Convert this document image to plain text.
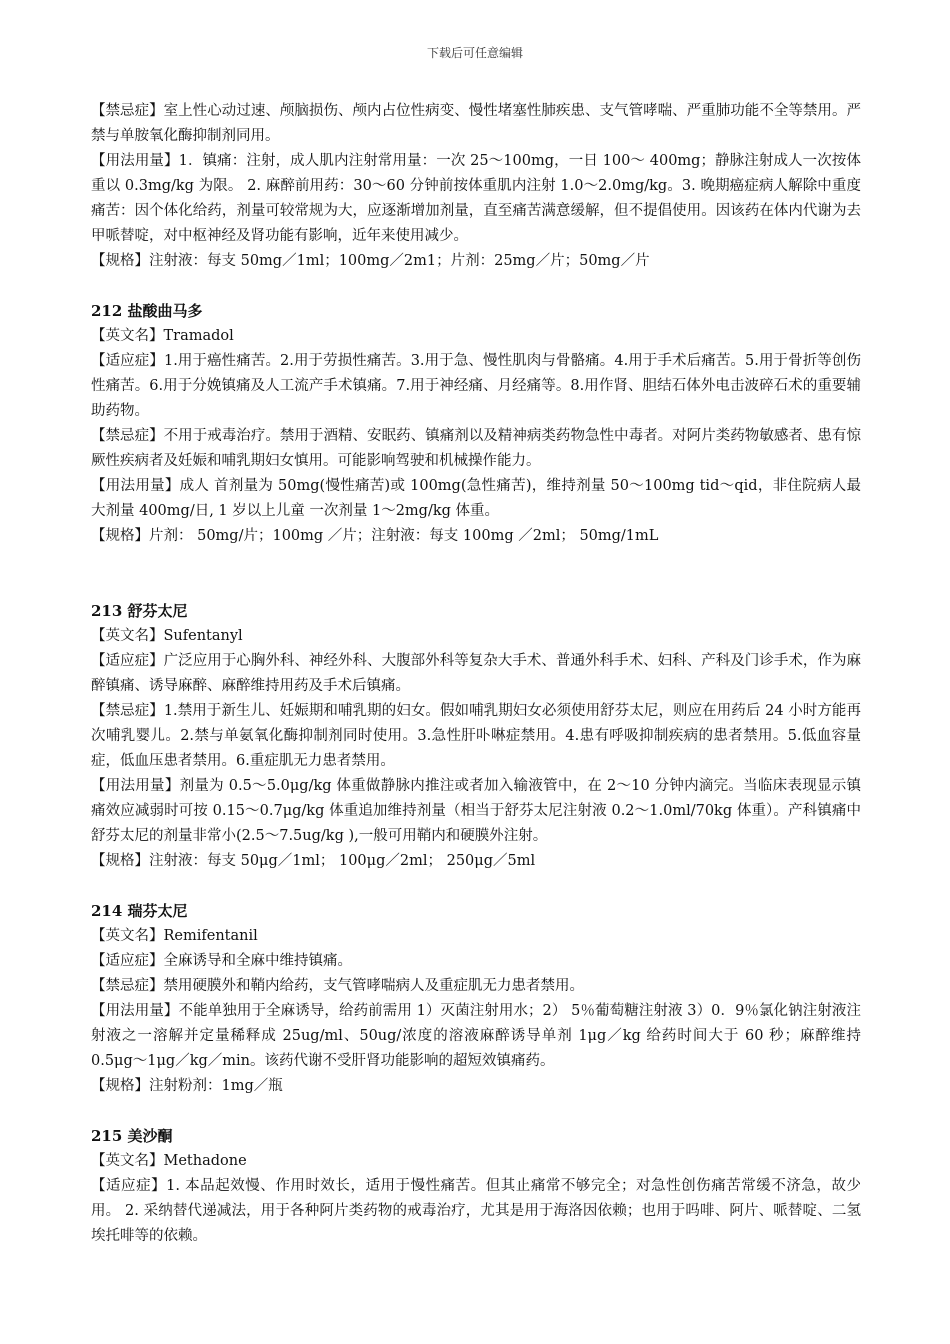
下载后可任意编辑

【禁忌症】室上性心动过速、颅脑损伤、颅内占位性病变、慢性堵塞性肺疾患、支气管哮喘、严重肺功能不全等禁用。严禁与单胺氧化酶抑制剂同用。

【用法用量】1．镇痛：注射，成人肌内注射常用量：一次 25～100mg，一日 100～ 400mg；静脉注射成人一次按体重以 0.3mg/kg 为限。 2. 麻醉前用药：30～60 分钟前按体重肌内注射 1.0～2.0mg/kg。3. 晚期癌症病人解除中重度痛苦：因个体化给药，剂量可较常规为大，应逐渐增加剂量，直至痛苦满意缓解，但不提倡使用。因该药在体内代谢为去甲哌替啶，对中枢神经及肾功能有影响，近年来使用减少。

【规格】注射液：每支 50mg／1ml；100mg／2m1；片剂：25mg／片；50mg／片

212 盐酸曲马多

【英文名】Tramadol

【适应症】1.用于癌性痛苦。2.用于劳损性痛苦。3.用于急、慢性肌肉与骨骼痛。4.用于手术后痛苦。5.用于骨折等创伤性痛苦。6.用于分娩镇痛及人工流产手术镇痛。7.用于神经痛、月经痛等。8.用作肾、胆结石体外电击波碎石术的重要辅助药物。

【禁忌症】不用于戒毒治疗。禁用于酒精、安眠药、镇痛剂以及精神病类药物急性中毒者。对阿片类药物敏感者、患有惊厥性疾病者及妊娠和哺乳期妇女慎用。可能影响驾驶和机械操作能力。

【用法用量】成人 首剂量为 50mg(慢性痛苦)或 100mg(急性痛苦)，维持剂量 50～100mg tid～qid，非住院病人最大剂量 400mg/日, 1 岁以上儿童 一次剂量 1～2mg/kg 体重。

【规格】片剂： 50mg/片；100mg ／片；注射液：每支 100mg ／2ml； 50mg/1mL

213 舒芬太尼

【英文名】Sufentanyl

【适应症】广泛应用于心胸外科、神经外科、大腹部外科等复杂大手术、普通外科手术、妇科、产科及门诊手术，作为麻醉镇痛、诱导麻醉、麻醉维持用药及手术后镇痛。

【禁忌症】1.禁用于新生儿、妊娠期和哺乳期的妇女。假如哺乳期妇女必须使用舒芬太尼，则应在用药后 24 小时方能再次哺乳婴儿。2.禁与单氨氧化酶抑制剂同时使用。3.急性肝卟啉症禁用。4.患有呼吸抑制疾病的患者禁用。5.低血容量症，低血压患者禁用。6.重症肌无力患者禁用。

【用法用量】剂量为 0.5～5.0μg/kg 体重做静脉内推注或者加入输液管中，在 2～10 分钟内滴完。当临床表现显示镇痛效应减弱时可按 0.15～0.7μg/kg 体重追加维持剂量（相当于舒芬太尼注射液 0.2～1.0ml/70kg 体重）。产科镇痛中舒芬太尼的剂量非常小(2.5～7.5ug/kg ),一般可用鞘内和硬膜外注射。

【规格】注射液：每支 50μg／1ml； 100μg／2ml； 250μg／5ml

214 瑞芬太尼

【英文名】Remifentanil

【适应症】全麻诱导和全麻中维持镇痛。

【禁忌症】禁用硬膜外和鞘内给药，支气管哮喘病人及重症肌无力患者禁用。

【用法用量】不能单独用于全麻诱导，给药前需用 1）灭菌注射用水；2） 5％葡萄糖注射液 3）0．9％氯化钠注射液注射液之一溶解并定量稀释成 25ug/ml、50ug/浓度的溶液麻醉诱导单剂 1μg／kg 给药时间大于 60 秒；麻醉维持 0.5μg～1μg／kg／min。该药代谢不受肝肾功能影响的超短效镇痛药。

【规格】注射粉剂：1mg／瓶

215 美沙酮

【英文名】Methadone

【适应症】1. 本品起效慢、作用时效长，适用于慢性痛苦。但其止痛常不够完全；对急性创伤痛苦常缓不济急，故少用。 2. 采纳替代递减法，用于各种阿片类药物的戒毒治疗，尤其是用于海洛因依赖；也用于吗啡、阿片、哌替啶、二氢埃托啡等的依赖。
